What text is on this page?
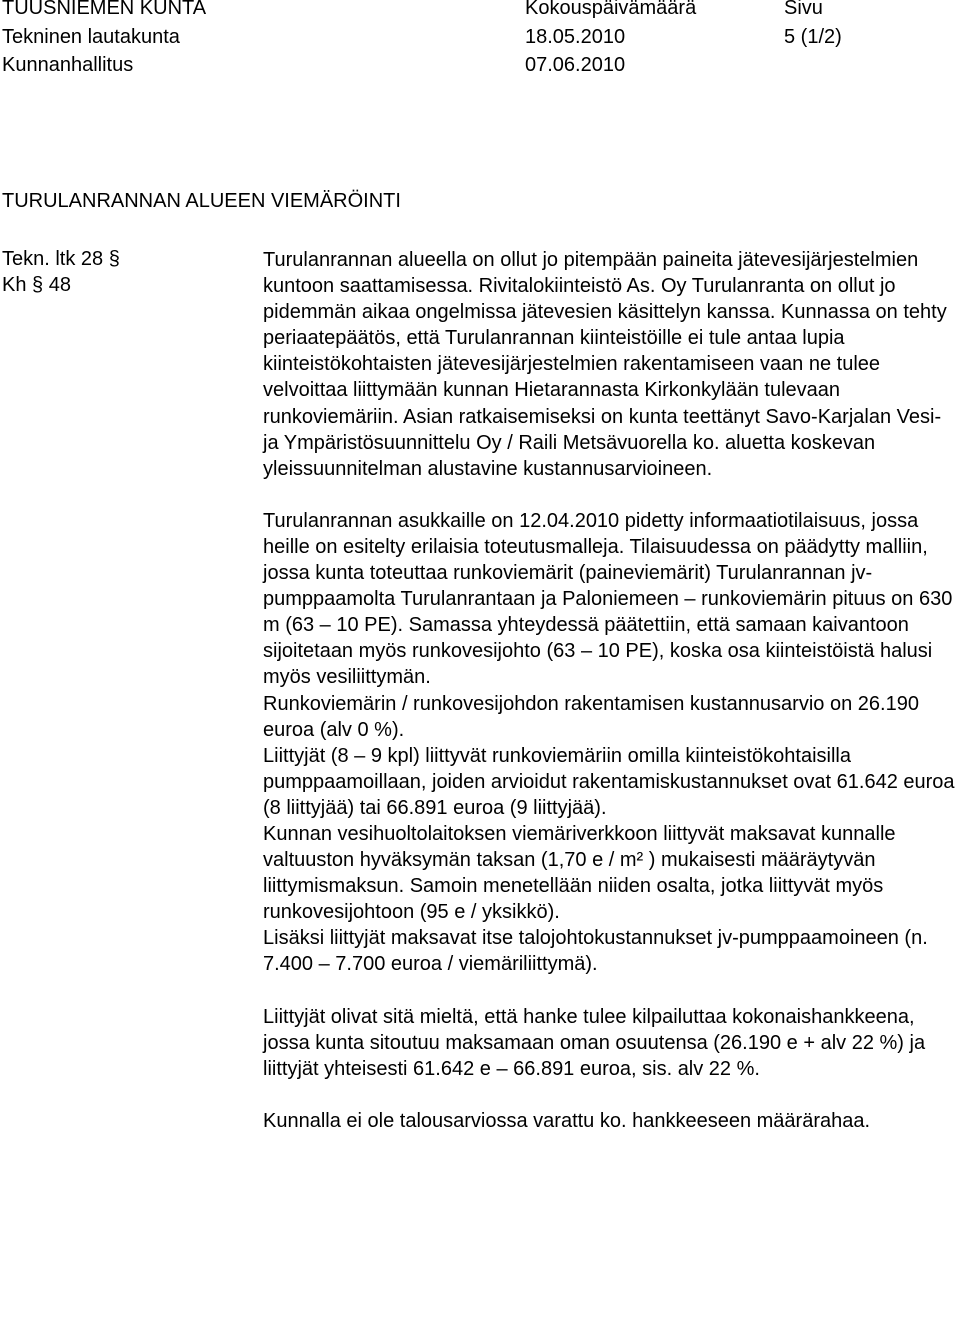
TUUSNIEMEN KUNTA	Kokouspäivämäärä	Sivu
Tekninen lautakunta	18.05.2010	5 (1/2)
Kunnanhallitus	07.06.2010
TURULANRANNAN ALUEEN VIEMÄRÖINTI
Tekn. ltk 28 §
Kh § 48

Turulanrannan alueella on ollut jo pitempään paineita jätevesijärjestelmien kuntoon saattamisessa. Rivitalokiinteistö As. Oy Turulanranta on ollut jo pidemmän aikaa ongelmissa jätevesien käsittelyn kanssa. Kunnassa on tehty periaatepäätös, että Turulanrannan kiinteistöille ei tule antaa lupia kiinteistökohtaisten jätevesijärjestelmien rakentamiseen vaan ne tulee velvoittaa liittymään kunnan Hietarannasta Kirkonkylään tulevaan runkoviemäriin. Asian ratkaisemiseksi on kunta teettänyt Savo-Karjalan Vesi- ja Ympäristösuunnittelu Oy / Raili Metsävuorella ko. aluetta koskevan yleissuunnitelman alustavine kustannusarvioineen.

Turulanrannan asukkaille on 12.04.2010 pidetty informaatiotilaisuus, jossa heille on esitelty erilaisia toteutusmalleja. Tilaisuudessa on päädytty malliin, jossa kunta toteuttaa runkoviemärit (paineviemärit) Turulanrannan jv-pumppaamolta Turulanrantaan ja Paloniemeen – runkoviemärin pituus on 630 m (63 – 10 PE). Samassa yhteydessä päätettiin, että samaan kaivantoon sijoitetaan myös runkovesijohto (63 – 10 PE), koska osa kiinteistöistä halusi myös vesiliittymän.

Runkoviemärin / runkovesijohdon rakentamisen kustannusarvio on 26.190 euroa (alv 0 %).

Liittyjät (8 – 9 kpl) liittyvät runkoviemäriin omilla kiinteistökohtaisilla pumppaamoillaan, joiden arvioidut rakentamiskustannukset ovat 61.642 euroa (8 liittyjää) tai 66.891 euroa (9 liittyjää).

Kunnan vesihuoltolaitoksen viemäriverkkoon liittyvät maksavat kunnalle valtuuston hyväksymän taksan (1,70 e / m² ) mukaisesti määräytyvän liittymismaksun. Samoin menetellään niiden osalta, jotka liittyvät myös runkovesijohtoon (95 e / yksikkö).

Lisäksi liittyjät maksavat itse talojohtokustannukset jv-pumppaamoineen (n. 7.400 – 7.700 euroa / viemäriliittymä).

Liittyjät olivat sitä mieltä, että hanke tulee kilpailuttaa kokonaishankkeena, jossa kunta sitoutuu maksamaan oman osuutensa (26.190 e + alv 22 %) ja liittyjät yhteisesti 61.642 e – 66.891 euroa, sis. alv 22 %.

Kunnalla ei ole talousarviossa varattu ko. hankkeeseen määrärahaa.
